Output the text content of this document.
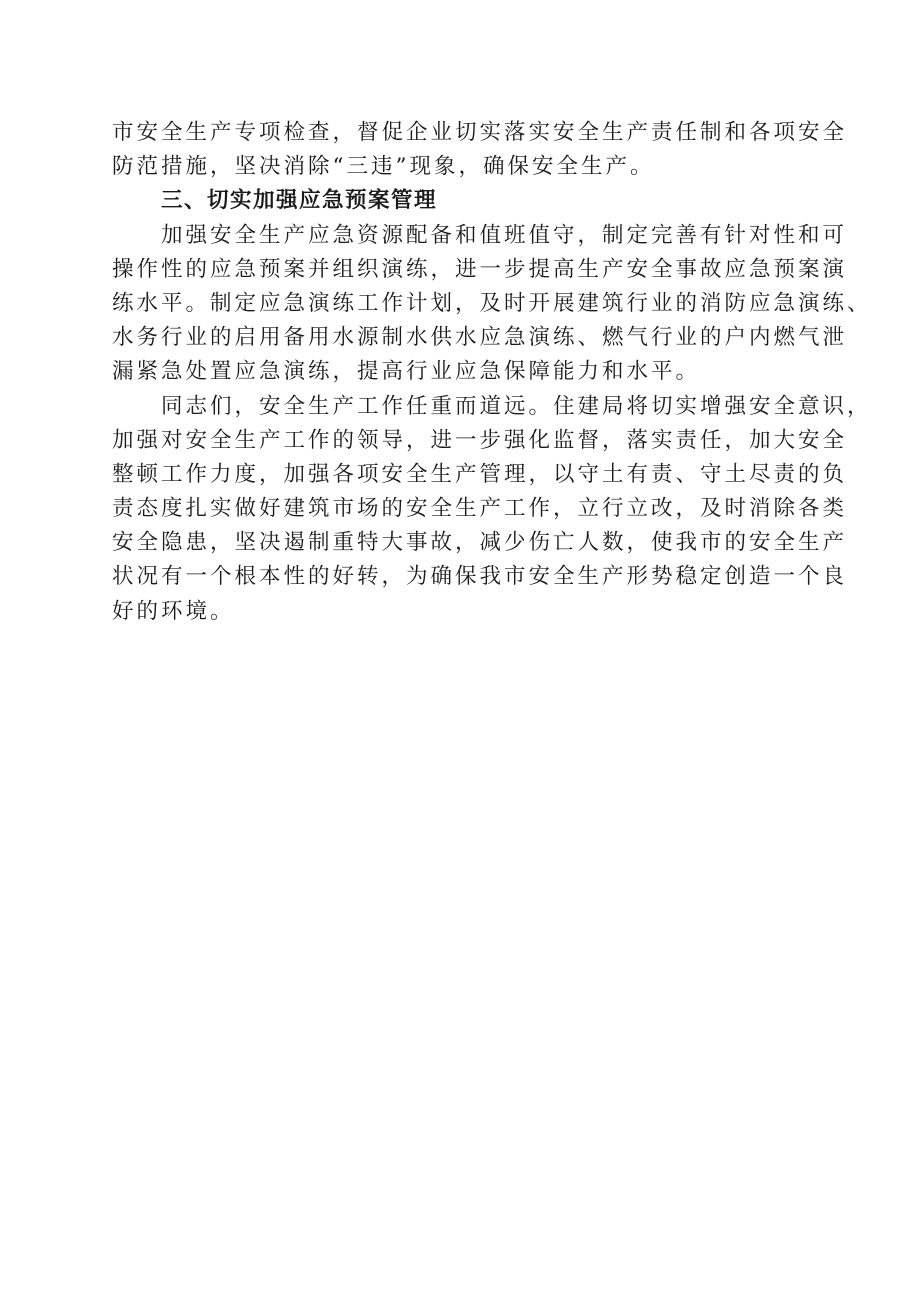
市安全生产专项检查，督促企业切实落实安全生产责任制和各项安全
防范措施，坚决消除“三违”现象，确保安全生产。
三、切实加强应急预案管理
加强安全生产应急资源配备和值班值守，制定完善有针对性和可
操作性的应急预案并组织演练，进一步提高生产安全事故应急预案演
练水平。制定应急演练工作计划，及时开展建筑行业的消防应急演练、
水务行业的启用备用水源制水供水应急演练、燃气行业的户内燃气泄
漏紧急处置应急演练，提高行业应急保障能力和水平。
同志们，安全生产工作任重而道远。住建局将切实增强安全意识，
加强对安全生产工作的领导，进一步强化监督，落实责任，加大安全
整顿工作力度，加强各项安全生产管理，以守土有责、守土尽责的负
责态度扎实做好建筑市场的安全生产工作，立行立改，及时消除各类
安全隐患，坚决遏制重特大事故，减少伤亡人数，使我市的安全生产
状况有一个根本性的好转，为确保我市安全生产形势稳定创造一个良
好的环境。
